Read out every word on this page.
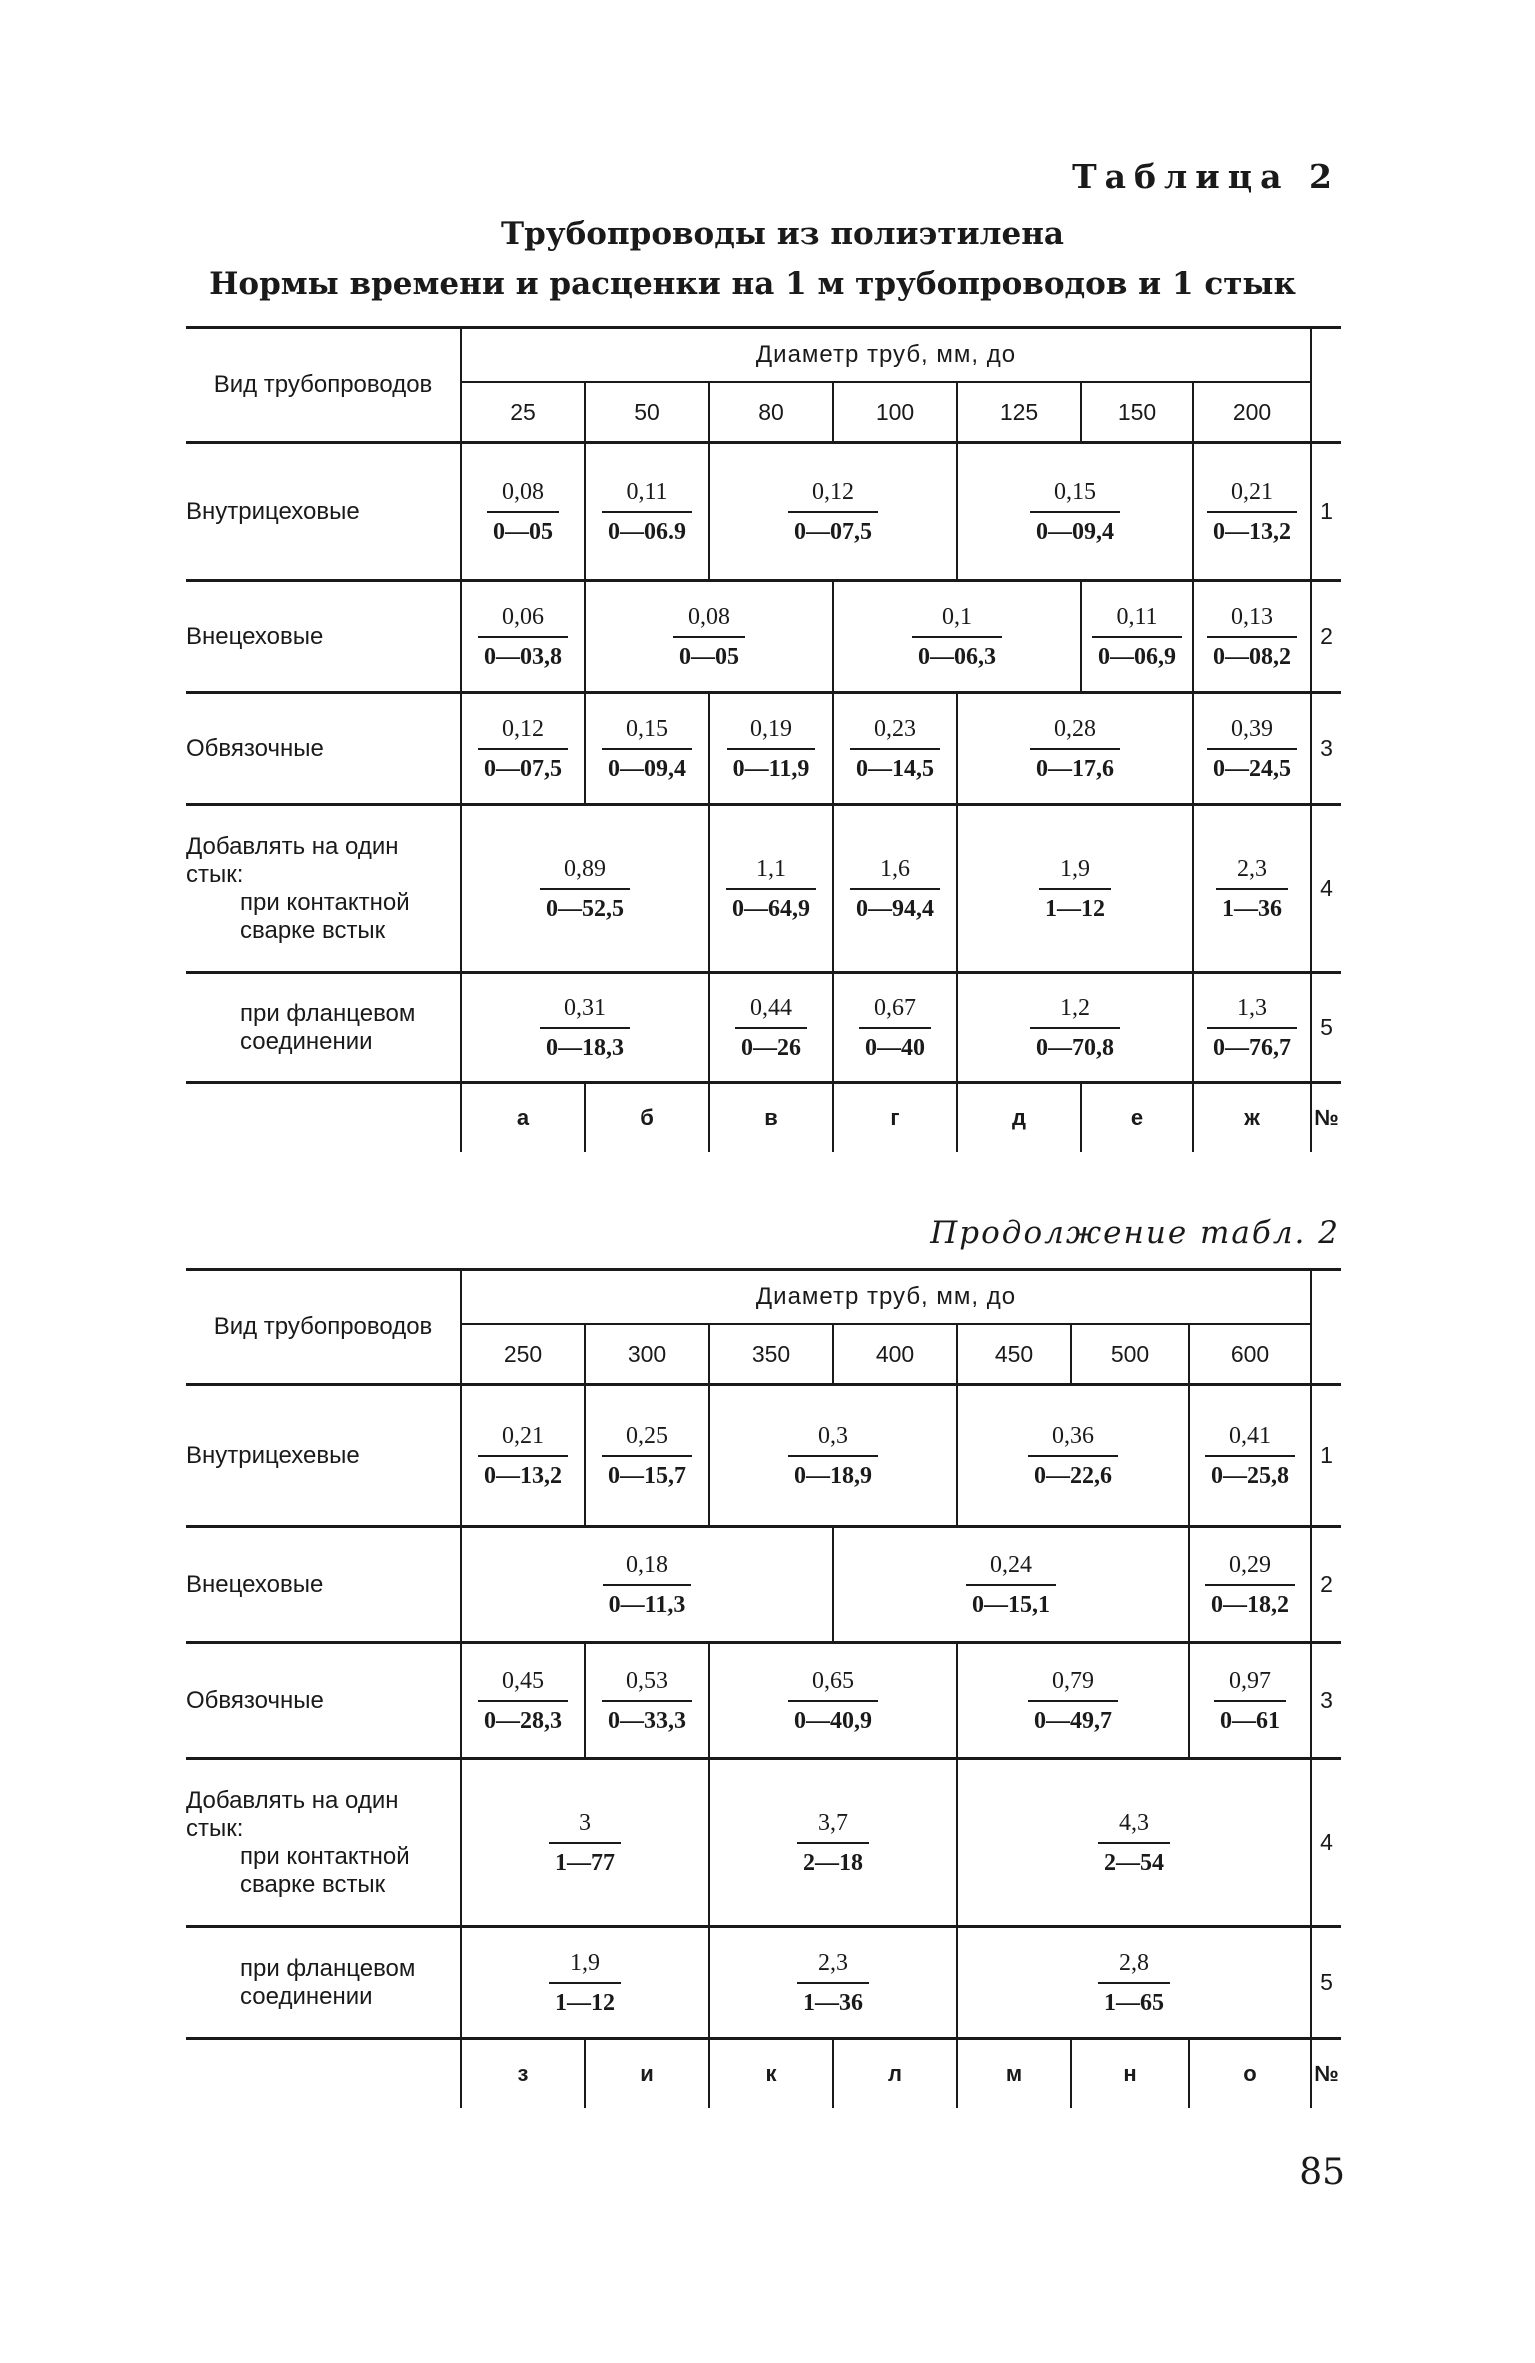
Таблица 2
Трубопроводы из полиэтилена
Нормы времени и расценки на 1 м трубопроводов и 1 стык
Вид трубопроводов	Диаметр труб, мм, до							
	25	50	80	100	125	150	200	
Внутрицеховые	$\frac{0,08}{0—05}$	$\frac{0,11}{0—06.9}$	$\frac{0,12}{0—07,5}$		$\frac{0,15}{0—09,4}$		$\frac{0,21}{0—13,2}$	1
Внецеховые	$\frac{0,06}{0—03,8}$	$\frac{0,08}{0—05}$		$\frac{0,1}{0—06,3}$		$\frac{0,11}{0—06,9}$	$\frac{0,13}{0—08,2}$	2
Обвязочные	$\frac{0,12}{0—07,5}$	$\frac{0,15}{0—09,4}$	$\frac{0,19}{0—11,9}$	$\frac{0,23}{0—14,5}$	$\frac{0,28}{0—17,6}$		$\frac{0,39}{0—24,5}$	3

Добавлять на один стык:
при контактной сварке встык	$\frac{0,89}{0—52,5}$		$\frac{1,1}{0—64,9}$	$\frac{1,6}{0—94,4}$	$\frac{1,9}{1—12}$		$\frac{2,3}{1—36}$	4

при фланцевом соединении	$\frac{0,31}{0—18,3}$		$\frac{0,44}{0—26}$	$\frac{0,67}{0—40}$	$\frac{1,2}{0—70,8}$		$\frac{1,3}{0—76,7}$	5
	а	б	в	г	д	е	ж	№
Продолжение табл. 2
Вид трубопроводов	Диаметр труб, мм, до							
	250	300	350	400	450	500	600	
Внутрицехевые	$\frac{0,21}{0—13,2}$	$\frac{0,25}{0—15,7}$	$\frac{0,3}{0—18,9}$		$\frac{0,36}{0—22,6}$		$\frac{0,41}{0—25,8}$	1
Внецеховые	$\frac{0,18}{0—11,3}$			$\frac{0,24}{0—15,1}$			$\frac{0,29}{0—18,2}$	2
Обвязочные	$\frac{0,45}{0—28,3}$	$\frac{0,53}{0—33,3}$	$\frac{0,65}{0—40,9}$		$\frac{0,79}{0—49,7}$		$\frac{0,97}{0—61}$	3

Добавлять на один стык:
при контактной сварке встык	$\frac{3}{1—77}$		$\frac{3,7}{2—18}$		$\frac{4,3}{2—54}$			4

при фланцевом соединении	$\frac{1,9}{1—12}$		$\frac{2,3}{1—36}$		$\frac{2,8}{1—65}$			5
	з	и	к	л	м	н	о	№
85
